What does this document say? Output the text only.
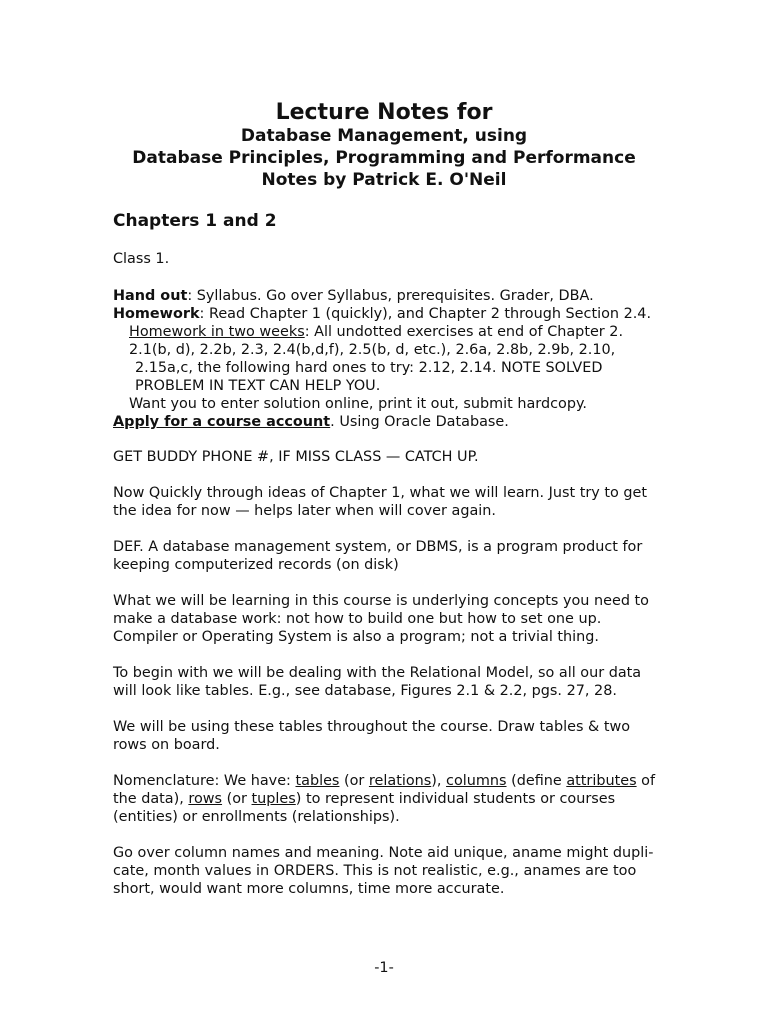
Lecture Notes for
Database Management, using
Database Principles, Programming and Performance
Notes by Patrick E. O'Neil
Chapters 1 and 2
Class 1.
Hand out: Syllabus. Go over Syllabus, prerequisites. Grader, DBA.
Homework: Read Chapter 1 (quickly), and Chapter 2 through Section 2.4.
Homework in two weeks: All undotted exercises at end of Chapter 2.
2.1(b, d), 2.2b, 2.3, 2.4(b,d,f), 2.5(b, d, etc.), 2.6a, 2.8b, 2.9b, 2.10,
2.15a,c, the following hard ones to try: 2.12, 2.14. NOTE SOLVED
PROBLEM IN TEXT CAN HELP YOU.
Want you to enter solution online, print it out, submit hardcopy.
Apply for a course account. Using Oracle Database.
GET BUDDY PHONE #, IF MISS CLASS — CATCH UP.
Now Quickly through ideas of Chapter 1, what we will learn. Just try to get
the idea for now — helps later when will cover again.
DEF. A database management system, or DBMS, is a program product for
keeping computerized records (on disk)
What we will be learning in this course is underlying concepts you need to
make a database work: not how to build one but how to set one up.
Compiler or Operating System is also a program; not a trivial thing.
To begin with we will be dealing with the Relational Model, so all our data
will look like tables. E.g., see database, Figures 2.1 & 2.2, pgs. 27, 28.
We will be using these tables throughout the course. Draw tables & two
rows on board.
Nomenclature: We have: tables (or relations), columns (define attributes of
the data), rows (or tuples) to represent individual students or courses
(entities) or enrollments (relationships).
Go over column names and meaning. Note aid unique, aname might dupli-
cate, month values in ORDERS. This is not realistic, e.g., anames are too
short, would want more columns, time more accurate.
-1-
